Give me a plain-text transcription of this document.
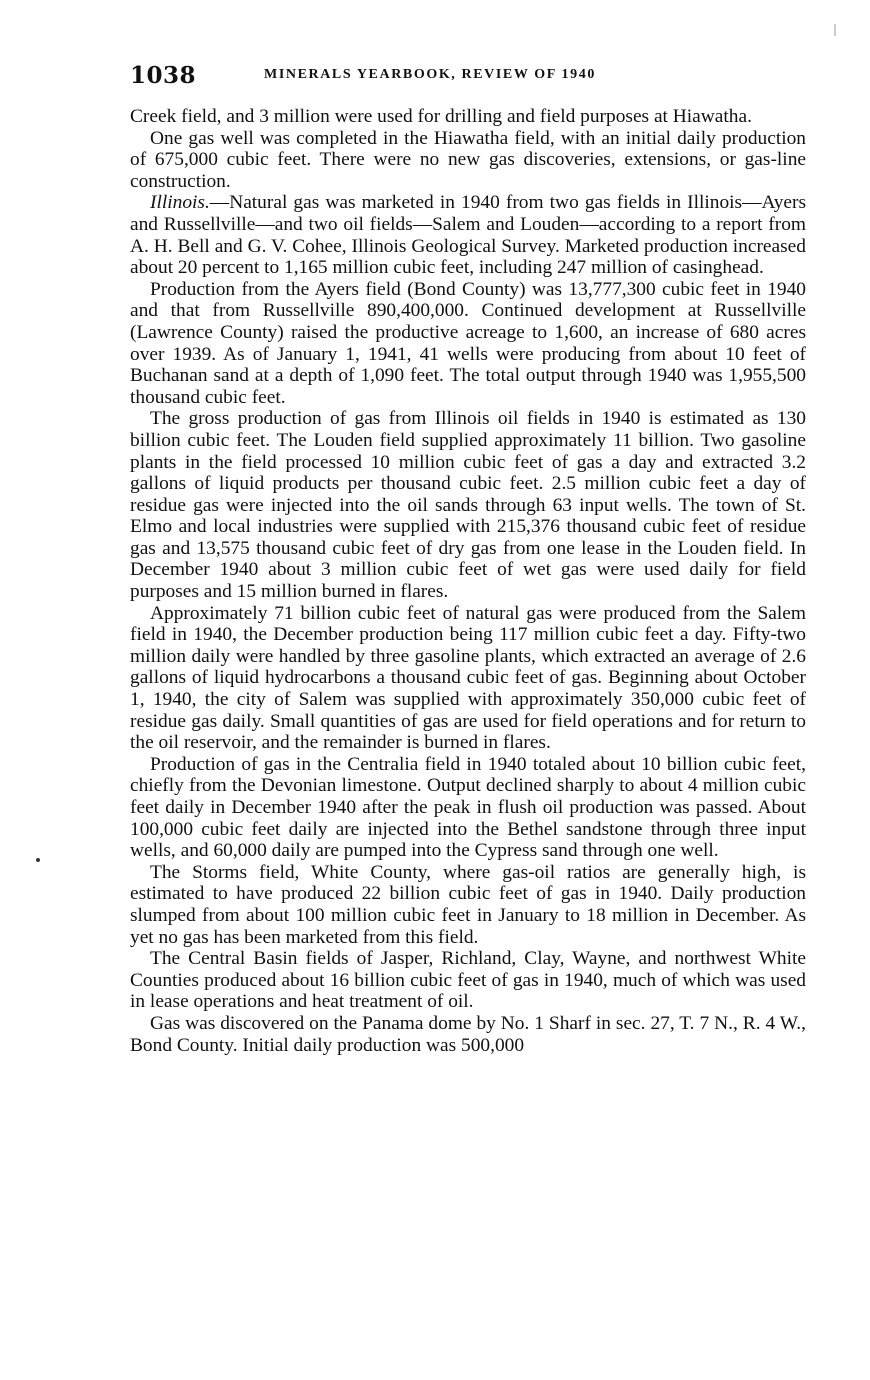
1038	MINERALS YEARBOOK, REVIEW OF 1940

Creek field, and 3 million were used for drilling and field purposes at Hiawatha.

One gas well was completed in the Hiawatha field, with an initial daily production of 675,000 cubic feet. There were no new gas discoveries, extensions, or gas-line construction.

Illinois.—Natural gas was marketed in 1940 from two gas fields in Illinois—Ayers and Russellville—and two oil fields—Salem and Louden—according to a report from A. H. Bell and G. V. Cohee, Illinois Geological Survey. Marketed production increased about 20 percent to 1,165 million cubic feet, including 247 million of casinghead.

Production from the Ayers field (Bond County) was 13,777,300 cubic feet in 1940 and that from Russellville 890,400,000. Continued development at Russellville (Lawrence County) raised the productive acreage to 1,600, an increase of 680 acres over 1939. As of January 1, 1941, 41 wells were producing from about 10 feet of Buchanan sand at a depth of 1,090 feet. The total output through 1940 was 1,955,500 thousand cubic feet.

The gross production of gas from Illinois oil fields in 1940 is estimated as 130 billion cubic feet. The Louden field supplied approximately 11 billion. Two gasoline plants in the field processed 10 million cubic feet of gas a day and extracted 3.2 gallons of liquid products per thousand cubic feet. 2.5 million cubic feet a day of residue gas were injected into the oil sands through 63 input wells. The town of St. Elmo and local industries were supplied with 215,376 thousand cubic feet of residue gas and 13,575 thousand cubic feet of dry gas from one lease in the Louden field. In December 1940 about 3 million cubic feet of wet gas were used daily for field purposes and 15 million burned in flares.

Approximately 71 billion cubic feet of natural gas were produced from the Salem field in 1940, the December production being 117 million cubic feet a day. Fifty-two million daily were handled by three gasoline plants, which extracted an average of 2.6 gallons of liquid hydrocarbons a thousand cubic feet of gas. Beginning about October 1, 1940, the city of Salem was supplied with approximately 350,000 cubic feet of residue gas daily. Small quantities of gas are used for field operations and for return to the oil reservoir, and the remainder is burned in flares.

Production of gas in the Centralia field in 1940 totaled about 10 billion cubic feet, chiefly from the Devonian limestone. Output declined sharply to about 4 million cubic feet daily in December 1940 after the peak in flush oil production was passed. About 100,000 cubic feet daily are injected into the Bethel sandstone through three input wells, and 60,000 daily are pumped into the Cypress sand through one well.

The Storms field, White County, where gas-oil ratios are generally high, is estimated to have produced 22 billion cubic feet of gas in 1940. Daily production slumped from about 100 million cubic feet in January to 18 million in December. As yet no gas has been marketed from this field.

The Central Basin fields of Jasper, Richland, Clay, Wayne, and northwest White Counties produced about 16 billion cubic feet of gas in 1940, much of which was used in lease operations and heat treatment of oil.

Gas was discovered on the Panama dome by No. 1 Sharf in sec. 27, T. 7 N., R. 4 W., Bond County. Initial daily production was 500,000
